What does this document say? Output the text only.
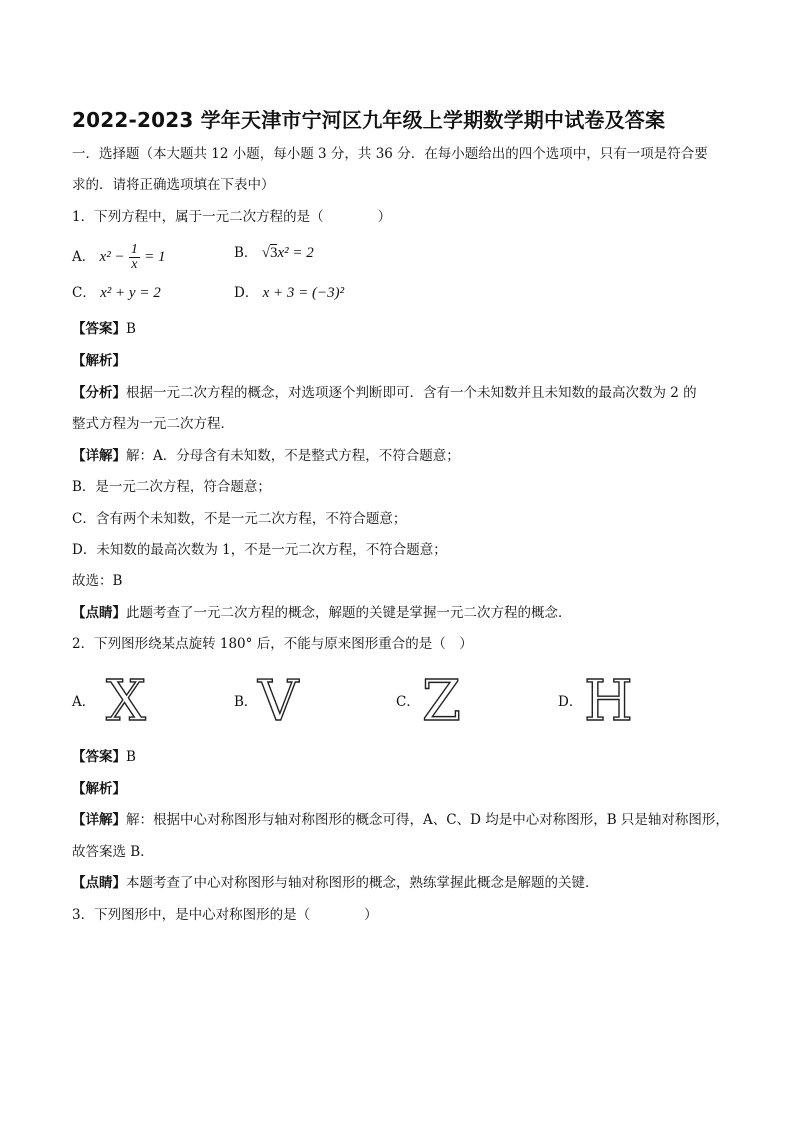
2022-2023 学年天津市宁河区九年级上学期数学期中试卷及答案
一．选择题（本大题共 12 小题，每小题 3 分，共 36 分．在每小题给出的四个选项中，只有一项是符合要
求的．请将正确选项填在下表中）
1．下列方程中，属于一元二次方程的是（　　　　）
A． $x^2 - \frac{1}{x} = 1$	B． √3x² = 2
C． x² + y = 2	D． x + 3 = (−3)²
【答案】B
【解析】
【分析】根据一元二次方程的概念，对选项逐个判断即可．含有一个未知数并且未知数的最高次数为 2 的
整式方程为一元二次方程．
【详解】解：A．分母含有未知数，不是整式方程，不符合题意；
B．是一元二次方程，符合题意；
C．含有两个未知数，不是一元二次方程，不符合题意；
D．未知数的最高次数为 1，不是一元二次方程，不符合题意；
故选：B
【点睛】此题考查了一元二次方程的概念，解题的关键是掌握一元二次方程的概念．
2．下列图形绕某点旋转 180° 后，不能与原来图形重合的是（　）
A． X	B． V	C． Z	D． H
【答案】B
【解析】
【详解】解：根据中心对称图形与轴对称图形的概念可得，A、C、D 均是中心对称图形，B 只是轴对称图形，
故答案选 B．
【点睛】本题考查了中心对称图形与轴对称图形的概念，熟练掌握此概念是解题的关键．
3．下列图形中，是中心对称图形的是（　　　　）
